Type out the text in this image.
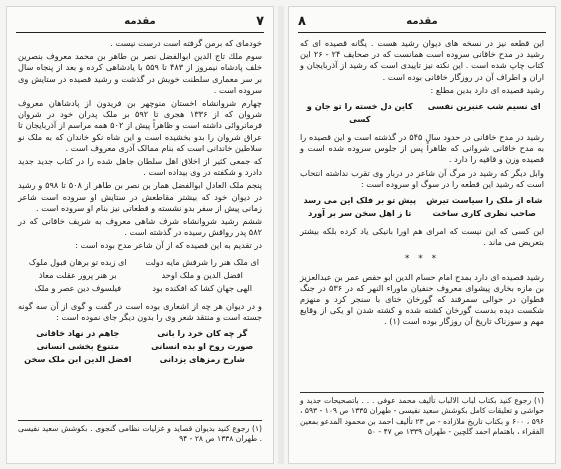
۷
مقدمه

خودمای که برمن گرفته است درست نیست .

سوم ملك تاج الدين ابوالفضل نصر بن طاهر بن محمد معروف بنصرين خلف پادشاه نیمروز از ۴۸۳ تا ۵۵۹ با یادشاهی کرده و بعد از پنجاه سال بر سر معماری سلطنت خویش در گذشت و رشید قصیده در ستایش وی سروده است .

چهارم شروانشاه اخستان منوچهر بن فریدون از پادشاهان معروف شروان که از ۱۳۳۶ هجری تا ۵۹۲ بر ملک پدران خود در شروان فرمانروائی داشته است و ظاهراً پیش از ۵۰۲ همه مراسم از آذربایجان تا عراق شروان را بدو بخشیده است و این شاه نکو خاندان که به ملک نو سلاطین خاندانی است که بنام ممالک آذری معروف است .

که جمعی کثیر از اخلاق اهل سلطان جاهل شده را در کتاب جدید جدید دادرد و شکفته در وی بیداده است .

پنجم ملک العادل ابوالفضل همار بن نصر بن طاهر از ۵۰۸ تا ۵۹۸ و رشید در دیوان خود که بیشتر مقاطعش در ستایش او سروده است شاعر زمانی پیش از سفر بدو نشسته و قطعاتی نیز بنام او سروده است .

ششم رشید شروانشاه شرف شاهی معروف به شریف خاقانی که در ۵۸۲ پدر رواقش رسیده در گذشته است .

در تقدیم به این قصیده که از آن شاعر مدح بوده است :

ای ملک هنر را شرفش مایه دولت
ای زبده تو برهان قبول ملوک
افضل الدین و ملک اوحد
بر هنر پرور عقلت معاذ
الهی جهان کشا که افکنده بود
فیلسوف دین عصر و ملک

و در دیوان هر چه از اشعاری بوده است در گفت و گوی از آن سه گونه جسته است و منتقد شعر وی را بدون دیگر جای نموده است :

گر چه کان خرد را بانی
جاهم در نهاد خاقانی
صورت روح او بده انسانی
متنوع بخشی انسانی
شارح رمزهای یزدانی
افضل الدین ابن ملک سخن
(۱) رجوع کنید بدیوان قصاید و غزلیات نظامی گنجوی . بکوشش سعید نفیسی . طهران ۱۳۳۸ ص ۲۸ - ۹۴
۸	مقدمه

این قطعه نیز در نسخه های دیوان رشید هست . یگانه قصیده ای که رشید در مدح خاقانی سروده است همانست که در صحایف ۲۴ - ۲۶ این کتاب چاپ شده است . این نکته نیز تاییدی است که رشید از آذربایجان و اران و اطراف آن در روزگار خاقانی بوده است .

رشید قصیده ای دارد بدین مطلع :

ای نسیم شب عنبرین نفسی
کاین دل خسته را تو جان و کسی

رشید در مدح خاقانی در حدود سال ۵۴۵ در گذشته است و این قصیده را به مدح خاقانی شروانی که ظاهراً پس از جلوس سروده شده است و قصیده وزن و قافیه را دارد .

وابل دیگر که رشید در مرگ آن شاعر در دربار وی تقرب نداشته انتحاب است که رشید این قطعه را در سوگ او سروده است :

شاه از ملک را سیاست تیرش
پیش تو بر فلک این می رسد
صاحب نظری کاری ساخت
تا ز اهل سخن سر بر آورد

این کسی که این نیست که امرای هم اورا بانیکی یاد کرده بلکه بیشتر بتعریض می ماند .

* * *

رشید قصیده ای دارد بمدح امام حسام الدین ابو حفص عمر بن عبدالعزیز بن مازه بخاری پیشوای معروف حنفیان ماوراء النهر که در ۵۳۶ در جنگ قطوان در حوالی سمرقند که گورخان ختای با سنجر کرد و منهزم شکست دیده بدست گورخان کشته شده و کشته شدن او یکی از وقایع مهم و سوزناک تاریخ آن روزگار بوده است (۱) .

(۱) رجوع کنید بکتاب لباب الالباب تألیف محمد عوفی . . . باتصحیحات جدید و حواشی و تعلیقات کامل بکوشش سعید نفیسی - طهران ۱۳۳۵ ص ۱۰۹ - ۵۹۳ ، ۵۹۶ ، ۶۰۰ و بکتاب تاریخ ملازاده - ص ۲۳ تألیف احمد بن محمود المدعو بمعین الفقراء ، باهتمام احمد گلچین - طهران ۱۳۳۹ ص ۴۷ - ۵۰
